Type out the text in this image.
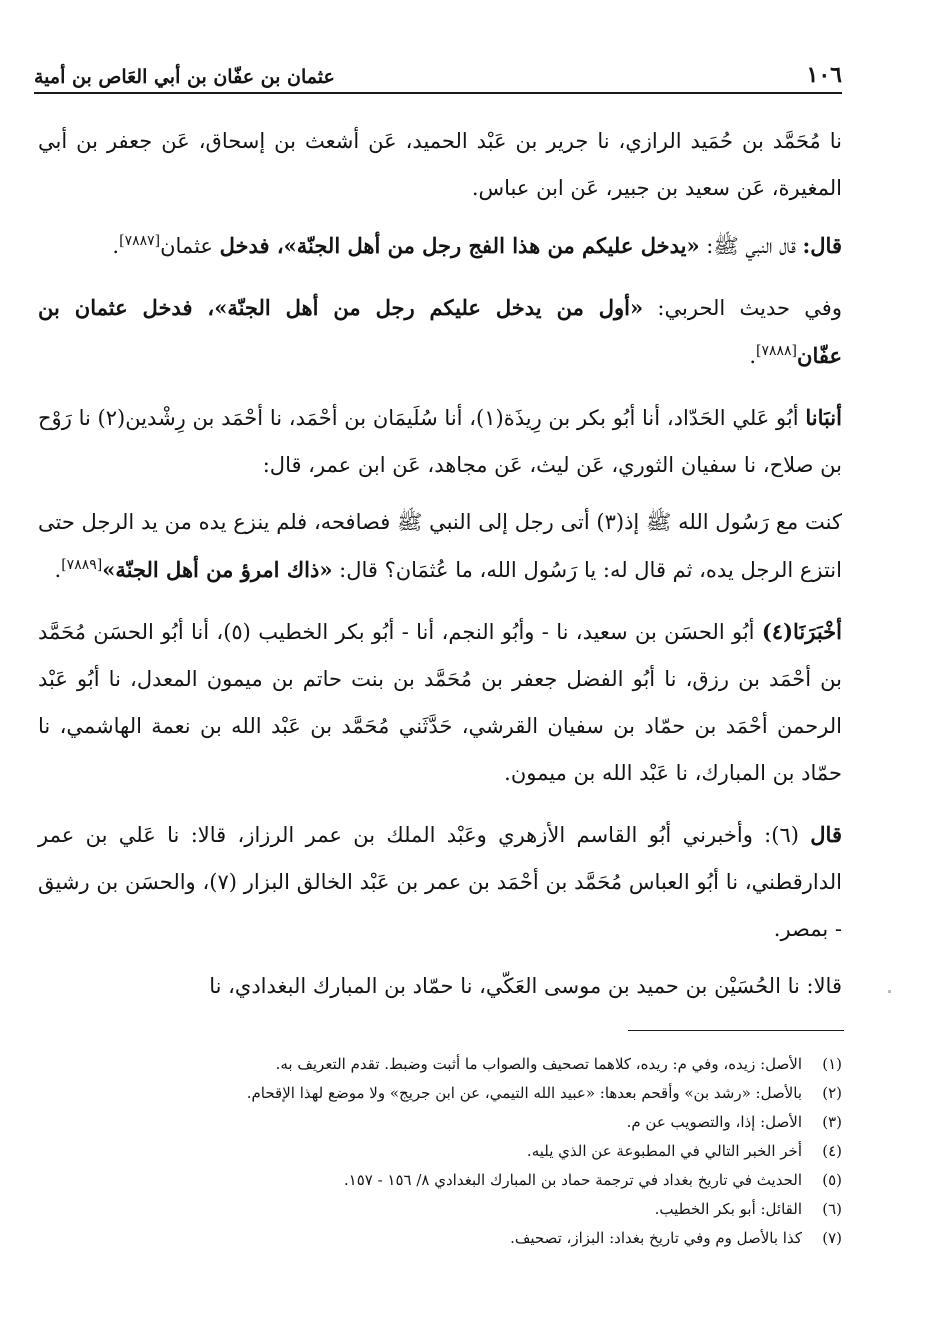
١٠٦
عثمان بن عفّان بن أبي العَاص بن أمية

نا مُحَمَّد بن حُمَيد الرازي، نا جرير بن عَبْد الحميد، عَن أشعث بن إسحاق، عَن جعفر بن أبي المغيرة، عَن سعيد بن جبير، عَن ابن عباس.

قال: قال النبي ﷺ: «يدخل عليكم من هذا الفج رجل من أهل الجنّة»، فدخل عثمان[٧٨٨٧].

وفي حديث الحربي: «أول من يدخل عليكم رجل من أهل الجنّة»، فدخل عثمان بن عفّان[٧٨٨٨].

أنبَانا أبُو عَلي الحَدّاد، أنا أبُو بكر بن رِيذَة(١)، أنا سُلَيمَان بن أحْمَد، نا أحْمَد بن رِشْدين(٢) نا رَوْح بن صلاح، نا سفيان الثوري، عَن ليث، عَن مجاهد، عَن ابن عمر، قال:

كنت مع رَسُول الله ﷺ إذ(٣) أتى رجل إلى النبي ﷺ فصافحه، فلم ينزع يده من يد الرجل حتى انتزع الرجل يده، ثم قال له: يا رَسُول الله، ما عُثمَان؟ قال: «ذاك امرؤ من أهل الجنّة»[٧٨٨٩].

أخْبَرَنَا(٤) أبُو الحسَن بن سعيد، نا - وأبُو النجم، أنا - أبُو بكر الخطيب (٥)، أنا أبُو الحسَن مُحَمَّد بن أحْمَد بن رزق، نا أبُو الفضل جعفر بن مُحَمَّد بن بنت حاتم بن ميمون المعدل، نا أبُو عَبْد الرحمن أحْمَد بن حمّاد بن سفيان القرشي، حَدَّثَني مُحَمَّد بن عَبْد الله بن نعمة الهاشمي، نا حمّاد بن المبارك، نا عَبْد الله بن ميمون.

قال (٦): وأخبرني أبُو القاسم الأزهري وعَبْد الملك بن عمر الرزاز، قالا: نا عَلي بن عمر الدارقطني، نا أبُو العباس مُحَمَّد بن أحْمَد بن عمر بن عَبْد الخالق البزار (٧)، والحسَن بن رشيق - بمصر.

قالا: نا الحُسَيْن بن حميد بن موسى العَكّي، نا حمّاد بن المبارك البغدادي، نا

(١)
الأصل: زيده، وفي م: ريده، كلاهما تصحيف والصواب ما أثبت وضبط. تقدم التعريف به.
(٢)
بالأصل: «رشد بن» وأقحم بعدها: «عبيد الله التيمي، عن ابن جريج» ولا موضع لهذا الإقحام.
(٣)
الأصل: إذا، والتصويب عن م.
(٤)
أخر الخبر التالي في المطبوعة عن الذي يليه.
(٥)
الحديث في تاريخ بغداد في ترجمة حماد بن المبارك البغدادي ٨/ ١٥٦ - ١٥٧.
(٦)
القائل: أبو بكر الخطيب.
(٧)
كذا بالأصل وم وفي تاريخ بغداد: البزاز، تصحيف.
